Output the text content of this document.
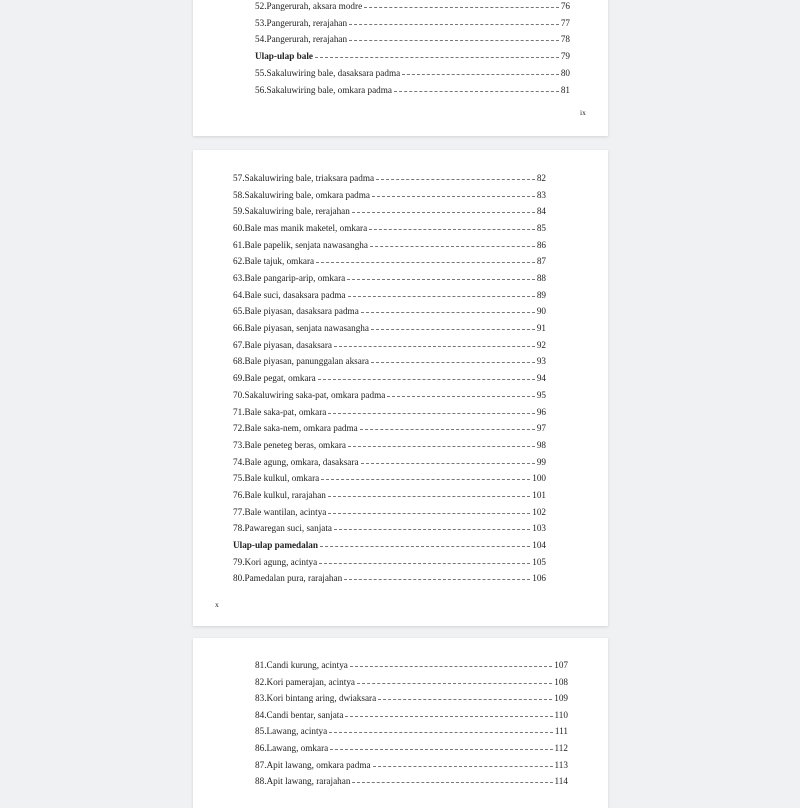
52.Pangerurah, aksara modre	76
53.Pangerurah, rerajahan	77
54.Pangerurah, rerajahan	78
Ulap-ulap bale	79
55.Sakaluwiring bale, dasaksara padma	80
56.Sakaluwiring bale, omkara padma	81
ix
57.Sakaluwiring bale, triaksara padma	82
58.Sakaluwiring bale, omkara padma	83
59.Sakaluwiring bale, rerajahan	84
60.Bale mas manik maketel, omkara	85
61.Bale papelik, senjata nawasangha	86
62.Bale tajuk, omkara	87
63.Bale pangarip-arip, omkara	88
64.Bale suci, dasaksara padma	89
65.Bale piyasan, dasaksara padma	90
66.Bale piyasan, senjata nawasangha	91
67.Bale piyasan, dasaksara	92
68.Bale piyasan, panunggalan aksara	93
69.Bale pegat, omkara	94
70.Sakaluwiring saka-pat, omkara padma	95
71.Bale saka-pat, omkara	96
72.Bale saka-nem, omkara padma	97
73.Bale peneteg beras, omkara	98
74.Bale agung, omkara, dasaksara	99
75.Bale kulkul, omkara	100
76.Bale kulkul, rarajahan	101
77.Bale wantilan, acintya	102
78.Pawaregan suci, sanjata	103
Ulap-ulap pamedalan	104
79.Kori agung, acintya	105
80.Pamedalan pura, rarajahan	106
x
81.Candi kurung, acintya	107
82.Kori pamerajan, acintya	108
83.Kori bintang aring, dwiaksara	109
84.Candi bentar, sanjata	110
85.Lawang, acintya	111
86.Lawang, omkara	112
87.Apit lawang, omkara padma	113
88.Apit lawang, rarajahan	114
